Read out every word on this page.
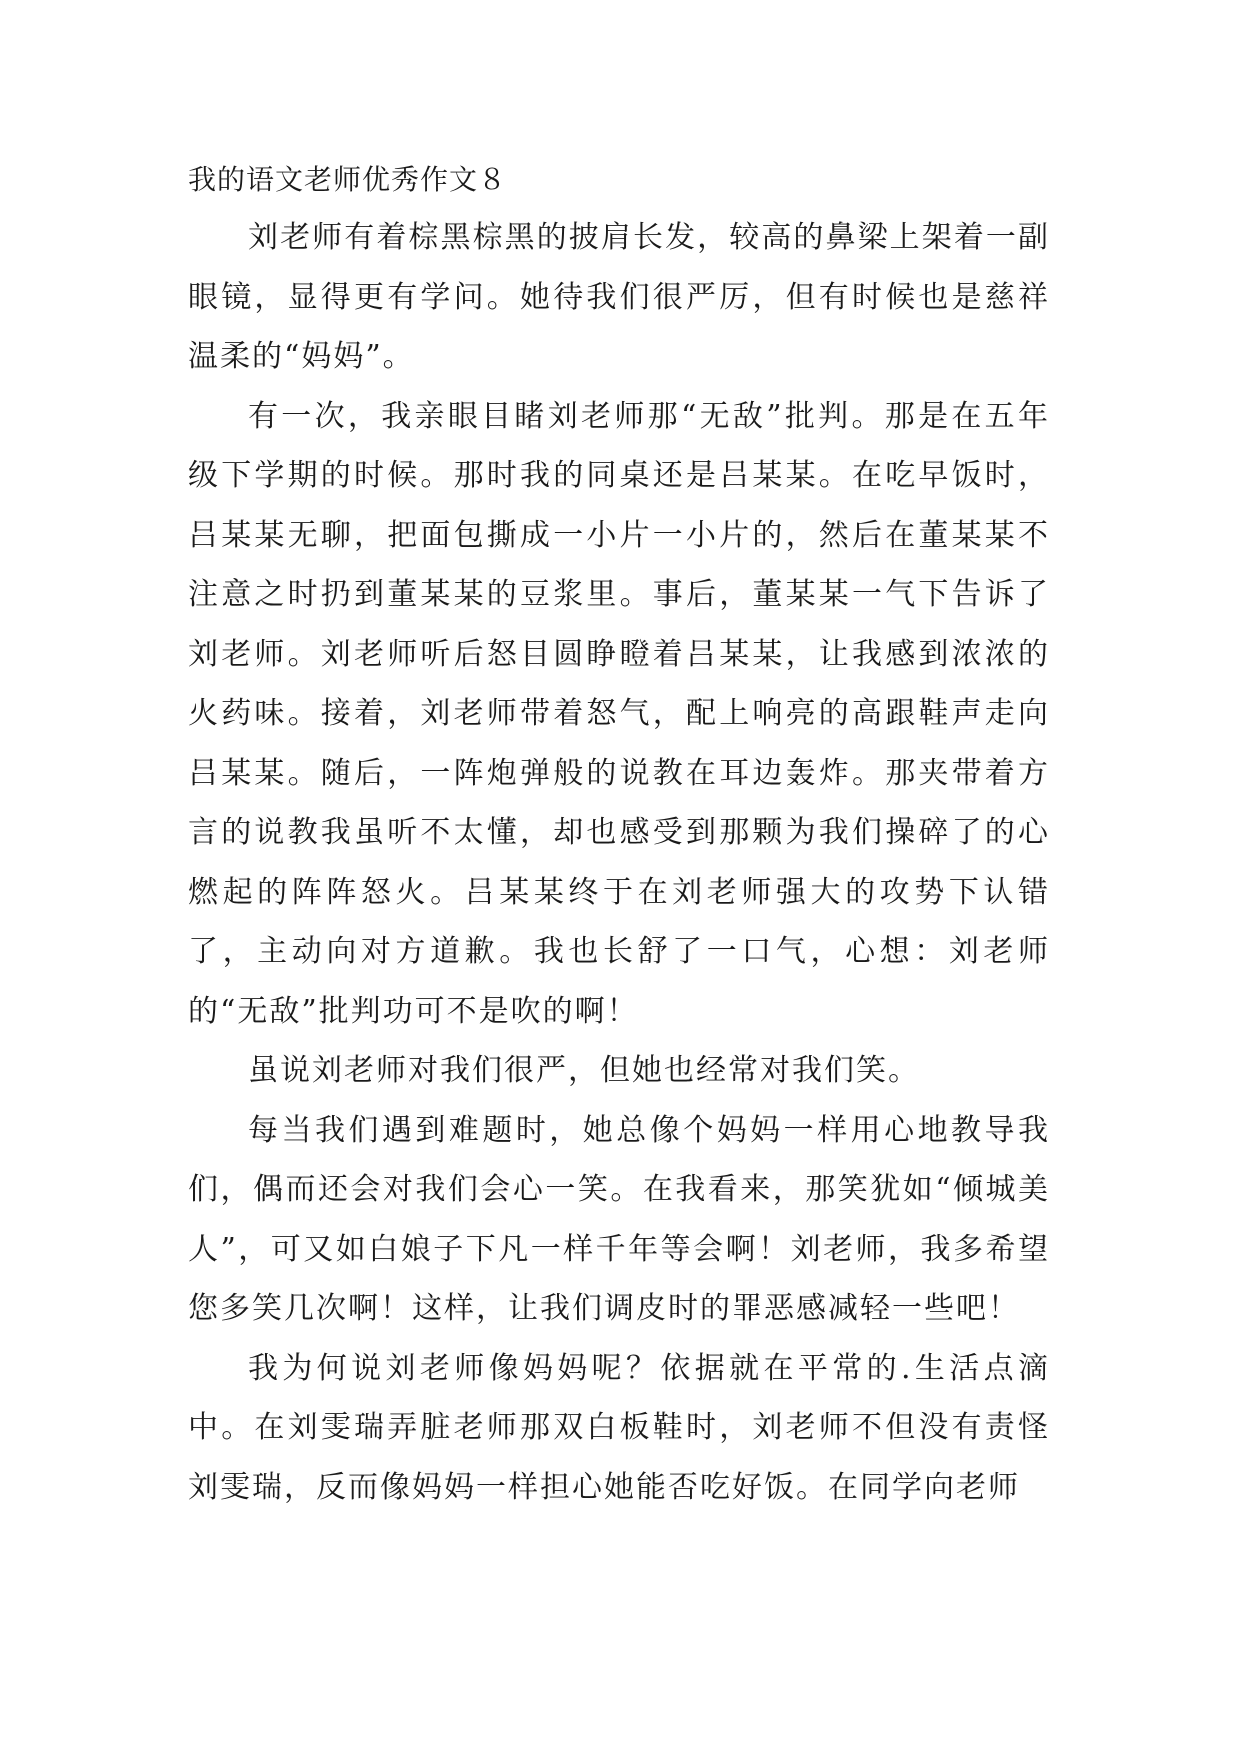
我的语文老师优秀作文８

刘老师有着棕黑棕黑的披肩长发，较高的鼻梁上架着一副眼镜，显得更有学问。她待我们很严厉，但有时候也是慈祥温柔的“妈妈”。

有一次，我亲眼目睹刘老师那“无敌”批判。那是在五年级下学期的时候。那时我的同桌还是吕某某。在吃早饭时，吕某某无聊，把面包撕成一小片一小片的，然后在董某某不注意之时扔到董某某的豆浆里。事后，董某某一气下告诉了刘老师。刘老师听后怒目圆睁瞪着吕某某，让我感到浓浓的火药味。接着，刘老师带着怒气，配上响亮的高跟鞋声走向吕某某。随后，一阵炮弹般的说教在耳边轰炸。那夹带着方言的说教我虽听不太懂，却也感受到那颗为我们操碎了的心燃起的阵阵怒火。吕某某终于在刘老师强大的攻势下认错了，主动向对方道歉。我也长舒了一口气，心想：刘老师的“无敌”批判功可不是吹的啊！

虽说刘老师对我们很严，但她也经常对我们笑。

每当我们遇到难题时，她总像个妈妈一样用心地教导我们，偶而还会对我们会心一笑。在我看来，那笑犹如“倾城美人”，可又如白娘子下凡一样千年等会啊！刘老师，我多希望您多笑几次啊！这样，让我们调皮时的罪恶感减轻一些吧！

我为何说刘老师像妈妈呢？依据就在平常的.生活点滴中。在刘雯瑞弄脏老师那双白板鞋时，刘老师不但没有责怪刘雯瑞，反而像妈妈一样担心她能否吃好饭。在同学向老师
